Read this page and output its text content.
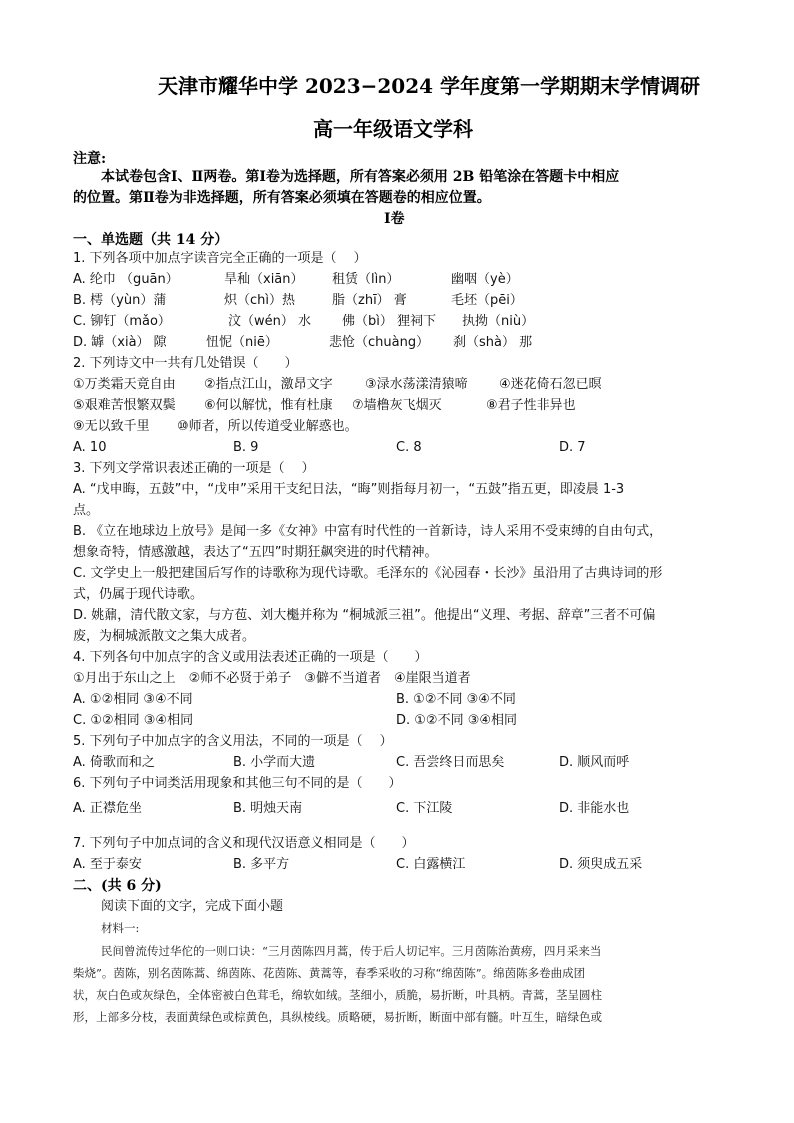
天津市耀华中学 2023−2024 学年度第一学期期末学情调研
高一年级语文学科
注意:
本试卷包含Ⅰ、Ⅱ两卷。第Ⅰ卷为选择题，所有答案必须用 2B 铅笔涂在答题卡中相应
的位置。第Ⅱ卷为非选择题，所有答案必须填在答题卷的相应位置。
Ⅰ卷
一、单选题（共 14 分）
1. 下列各项中加点字读音完全正确的一项是（　 ）
A. 纶巾 （guān）	旱秈（xiān） 租赁（lìn）	幽咽（yè）
B. 樗（yùn）蒲	炽（chì）热	脂（zhī） 膏	毛坯（pēi）
C. 铆钉（mǎo）	汶（wén） 水 佛（bì） 狸祠下 执拗（niù）
D. 罅（xià） 隙	忸怩（niē）	悲怆（chuàng） 刹（shà） 那
2. 下列诗文中一共有几处错误（　　）
①万类霜天竟自由 ②指点江山，激昂文字 ③渌水荡漾清猿啼 ④迷花倚石忽已暝
⑤艰难苦恨繁双鬓 ⑥何以解忧，惟有杜康 ⑦墙橹灰飞烟灭	⑧君子性非异也
⑨无以致千里 ⑩师者，所以传道受业解惑也。
A. 10	B. 9	C. 8	D. 7
3. 下列文学常识表述正确的一项是（　 ）
A. “戊申晦，五鼓”中，“戊申”采用干支纪日法，“晦”则指每月初一，“五鼓”指五更，即凌晨 1-3
点。
B. 《立在地球边上放号》是闻一多《女神》中富有时代性的一首新诗，诗人采用不受束缚的自由句式，
想象奇特，情感激越，表达了“五四”时期狂飙突进的时代精神。
C. 文学史上一般把建国后写作的诗歌称为现代诗歌。毛泽东的《沁园春・长沙》虽沿用了古典诗词的形
式，仍属于现代诗歌。
D. 姚鼐，清代散文家，与方苞、刘大櫆并称为 “桐城派三祖”。他提出“义理、考据、辞章”三者不可偏
废，为桐城派散文之集大成者。
4. 下列各句中加点字的含义或用法表述正确的一项是（　　）
①月出于东山之上　②师不必贤于弟子　③僻不当道者　④崖限当道者
A. ①②相同 ③④不同	B. ①②不同 ③④不同
C. ①②相同 ③④相同	D. ①②不同 ③④相同
5. 下列句子中加点字的含义用法，不同的一项是（　 ）
A. 倚歌而和之	B. 小学而大遗	C. 吾尝终日而思矣	D. 顺风而呼
6. 下列句子中词类活用现象和其他三句不同的是（　　）
A. 正襟危坐	B. 明烛天南	C. 下江陵	D. 非能水也
7. 下列句子中加点词的含义和现代汉语意义相同是（　　）
A. 至于泰安	B. 多平方	C. 白露横江	D. 须臾成五采
二、(共 6 分)
阅读下面的文字，完成下面小题
材料一:
民间曾流传过华佗的一则口诀：“三月茵陈四月蒿，传于后人切记牢。三月茵陈治黄痨，四月采来当
柴烧”。茵陈，别名茵陈蒿、绵茵陈、花茵陈、黄蒿等，春季采收的习称“绵茵陈”。绵茵陈多卷曲成团
状，灰白色或灰绿色，全体密被白色茸毛，绵软如绒。茎细小，质脆，易折断，叶具柄。青蒿，茎呈圆柱
形，上部多分枝，表面黄绿色或棕黄色，具纵棱线。质略硬，易折断，断面中部有髓。叶互生，暗绿色或
